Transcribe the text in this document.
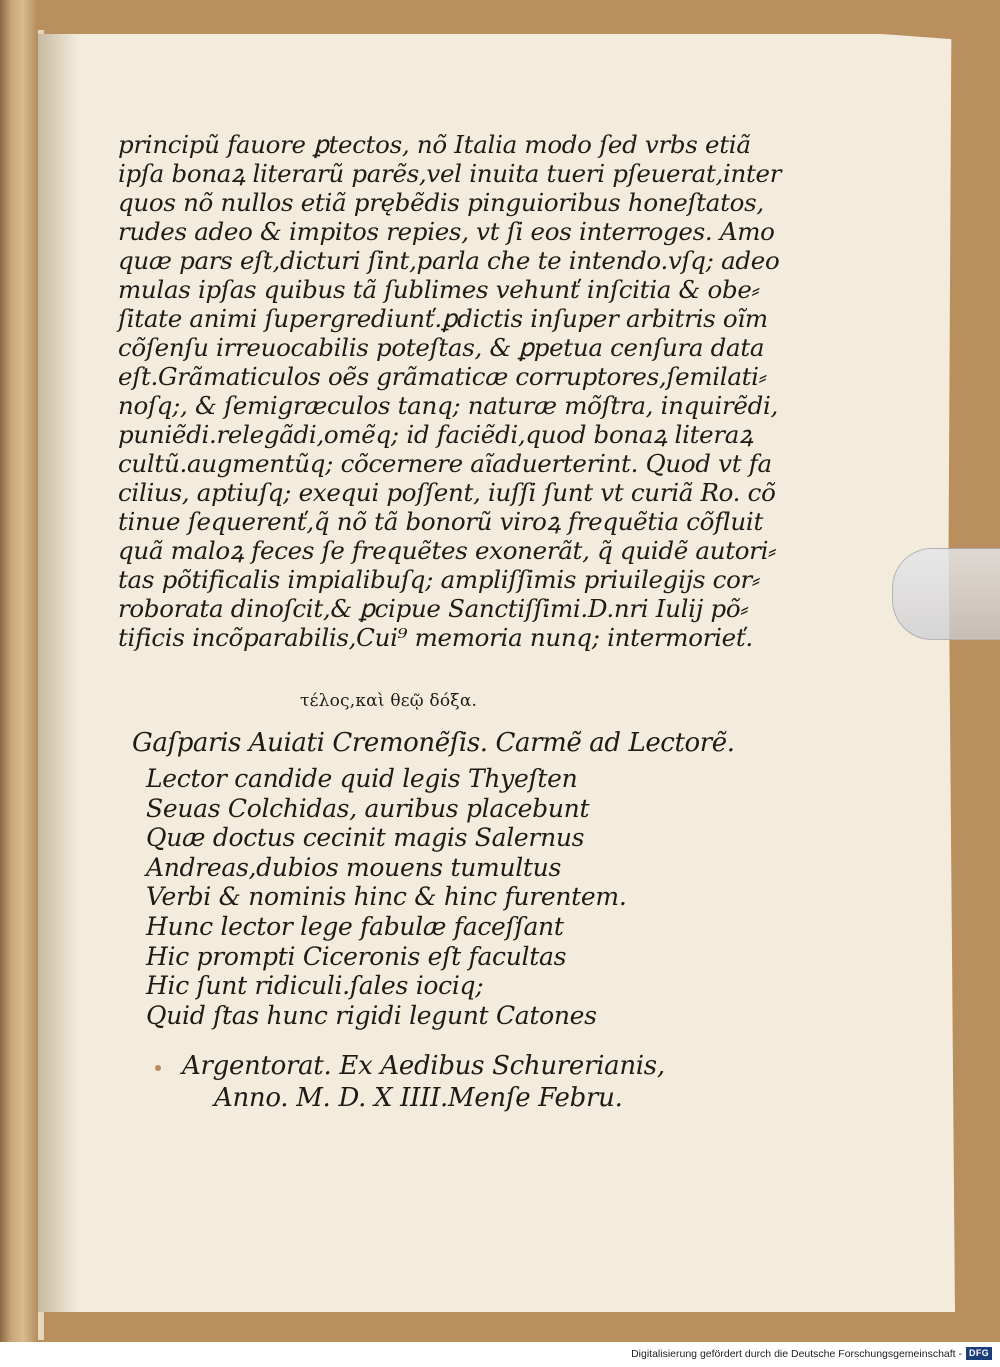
principũ fauore ꝑtectos, nõ Italia modo ſed vrbs etiã
ipſa bonaꝝ literarũ parẽs,vel inuita tueri pſeuerat,inter
quos nõ nullos etiã prębẽdis pinguioribus honeſtatos,
rudes adeo & impitos repies, vt ſi eos interroges. Amo
quæ pars eſt,dicturi ſint,parla che te intendo.vſq; adeo
mulas ipſas quibus tã ſublimes vehunť inſcitia & obe⸗
ſitate animi ſupergrediunť.ꝑdictis inſuper arbitris oĩm
cõſenſu irreuocabilis poteſtas, & ꝑpetua cenſura data
eſt.Grãmaticulos oẽs grãmaticæ corruptores,ſemilati⸗
noſq;, & ſemigræculos tanq; naturæ mõſtra, inquirẽdi,
puniẽdi.relegãdi,omẽq; id faciẽdi,quod bonaꝝ literaꝝ
cultũ.augmentũq; cõcernere aĩaduerterint. Quod vt fa
cilius, aptiuſq; exequi poſſent, iuſſi ſunt vt curiã Ro. cõ
tinue ſequerenť,q̃ nõ tã bonorũ viroꝝ frequẽtia cõfluit
quã maloꝝ feces ſe frequẽtes exonerãt, q̃ quidẽ autori⸗
tas põtificalis impialibuſq; ampliſſimis priuilegijs cor⸗
roborata dinoſcit,& ꝑcipue Sanctiſſimi.D.nri Iulij põ⸗
tificis incõparabilis,Cui⁹ memoria nunq; intermorieť.
τέλος,καὶ θεῷ δόξα.
Gaſparis Auiati Cremonẽſis. Carmẽ ad Lectorẽ.
Lector candide quid legis Thyeſten
Seuas Colchidas, auribus placebunt
Quæ doctus cecinit magis Salernus
Andreas,dubios mouens tumultus
Verbi & nominis hinc & hinc furentem.
Hunc lector lege fabulæ faceſſant
Hic prompti Ciceronis eſt facultas
Hic ſunt ridiculi.ſales iociq;
Quid ſtas hunc rigidi legunt Catones
Argentorat. Ex Aedibus Schurerianis,
Anno. M. D. X IIII.Menſe Febru.
Digitalisierung gefördert durch die Deutsche Forschungsgemeinschaft - DFG
